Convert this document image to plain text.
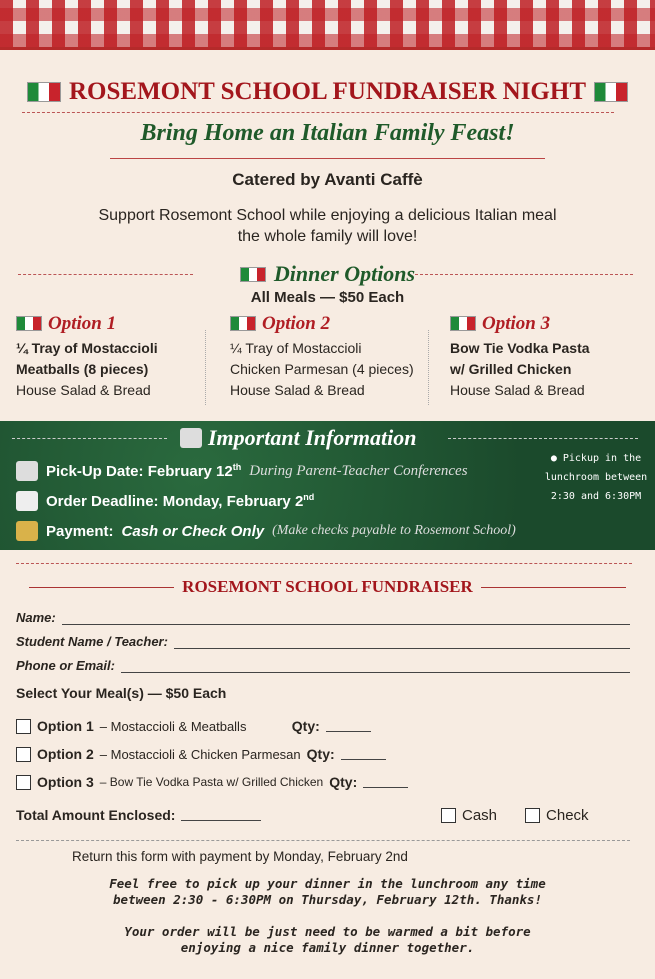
ROSEMONT SCHOOL FUNDRAISER NIGHT
Bring Home an Italian Family Feast!
Catered by Avanti Caffè
Support Rosemont School while enjoying a delicious Italian meal
the whole family will love!
Dinner Options
All Meals — $50 Each
Option 1
¼ Tray of Mostaccioli
Meatballs (8 pieces)
House Salad & Bread
Option 2
¼ Tray of Mostaccioli
Chicken Parmesan (4 pieces)
House Salad & Bread
Option 3
Bow Tie Vodka Pasta
w/ Grilled Chicken
House Salad & Bread
Important Information
Pick-Up Date: February 12th During Parent-Teacher Conferences
Order Deadline: Monday, February 2nd
Payment: Cash or Check Only (Make checks payable to Rosemont School)
● Pickup in the
lunchroom between
2:30 and 6:30PM
ROSEMONT SCHOOL FUNDRAISER
Name:
Student Name / Teacher:
Phone or Email:
Select Your Meal(s) — $50 Each
Option 1 – Mostaccioli & Meatballs	Qty:
Option 2 – Mostaccioli & Chicken Parmesan Qty:
Option 3 – Bow Tie Vodka Pasta w/ Grilled Chicken Qty:
Total Amount Enclosed:	Cash	Check
Return this form with payment by Monday, February 2nd
Feel free to pick up your dinner in the lunchroom any time
between 2:30 - 6:30PM on Thursday, February 12th. Thanks!
Your order will be just need to be warmed a bit before
enjoying a nice family dinner together.
